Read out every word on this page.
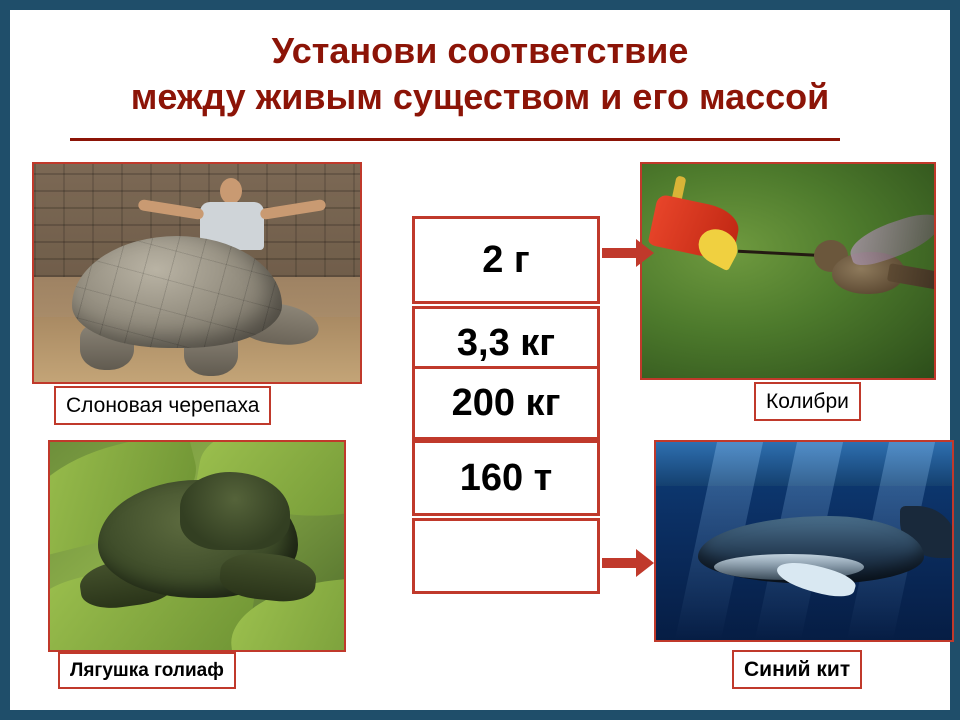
Установи соответствие
между живым существом и его массой
Слоновая черепаха
Лягушка голиаф
Колибри
Синий кит
2 г
3,3 кг
200 кг
160 т
